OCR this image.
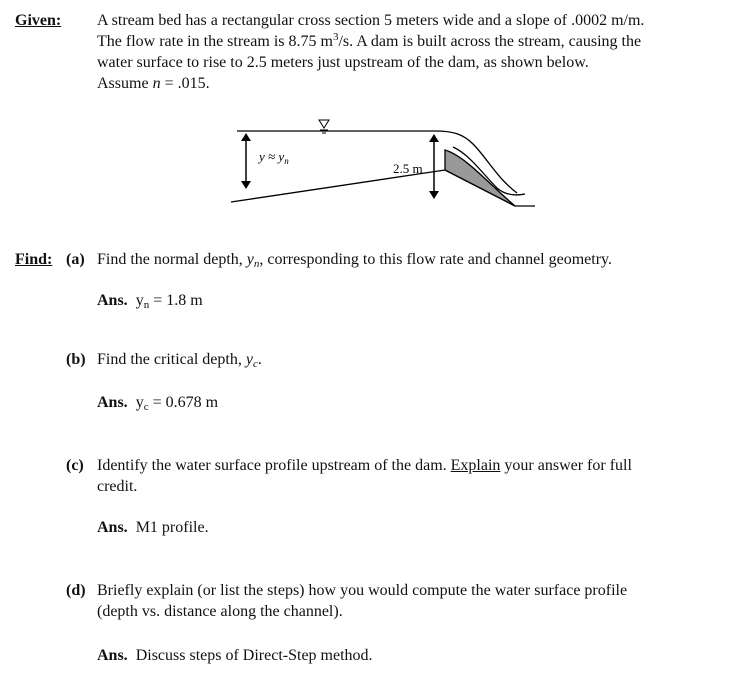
Given: A stream bed has a rectangular cross section 5 meters wide and a slope of .0002 m/m.
The flow rate in the stream is 8.75 $m^3/s$. A dam is built across the stream, causing the
water surface to rise to 2.5 meters just upstream of the dam, as shown below.
Assume n = .015.
$y \approx y_n$	2.5 m
Find: (a) Find the normal depth, $y_n$, corresponding to this flow rate and channel geometry.
Ans. $y_n = 1.8$ m
(b) Find the critical depth, $y_c$.
Ans. $y_c = 0.678$ m
(c) Identify the water surface profile upstream of the dam. Explain your answer for full
credit.
Ans. M1 profile.
(d) Briefly explain (or list the steps) how you would compute the water surface profile
(depth vs. distance along the channel).
Ans. Discuss steps of Direct-Step method.
